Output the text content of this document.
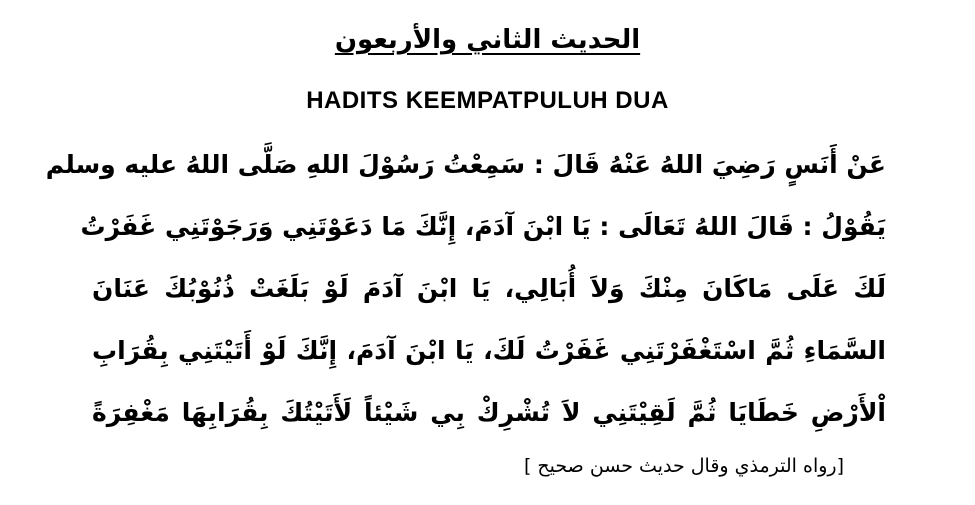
الحديث الثاني والأربعون
HADITS KEEMPATPULUH DUA
عَنْ أَنَسٍ رَضِيَ اللهُ عَنْهُ قَالَ : سَمِعْتُ رَسُوْلَ اللهِ صَلَّى اللهُ عليه وسلم
يَقُوْلُ : قَالَ اللهُ تَعَالَى : يَا ابْنَ آدَمَ، إِنَّكَ مَا دَعَوْتَنِي وَرَجَوْتَنِي غَفَرْتُ
لَكَ عَلَى مَاكَانَ مِنْكَ وَلاَ أُبَالِي، يَا ابْنَ آدَمَ لَوْ بَلَغَتْ ذُنُوْبُكَ عَنَانَ
السَّمَاءِ ثُمَّ اسْتَغْفَرْتَنِي غَفَرْتُ لَكَ، يَا ابْنَ آدَمَ، إِنَّكَ لَوْ أَتَيْتَنِي بِقُرَابِ
اْلأَرْضِ خَطَايَا ثُمَّ لَقِيْتَنِي لاَ تُشْرِكْ بِي شَيْئاً لَأَتَيْتُكَ بِقُرَابِهَا مَغْفِرَةً
[رواه الترمذي وقال حديث حسن صحيح ]
